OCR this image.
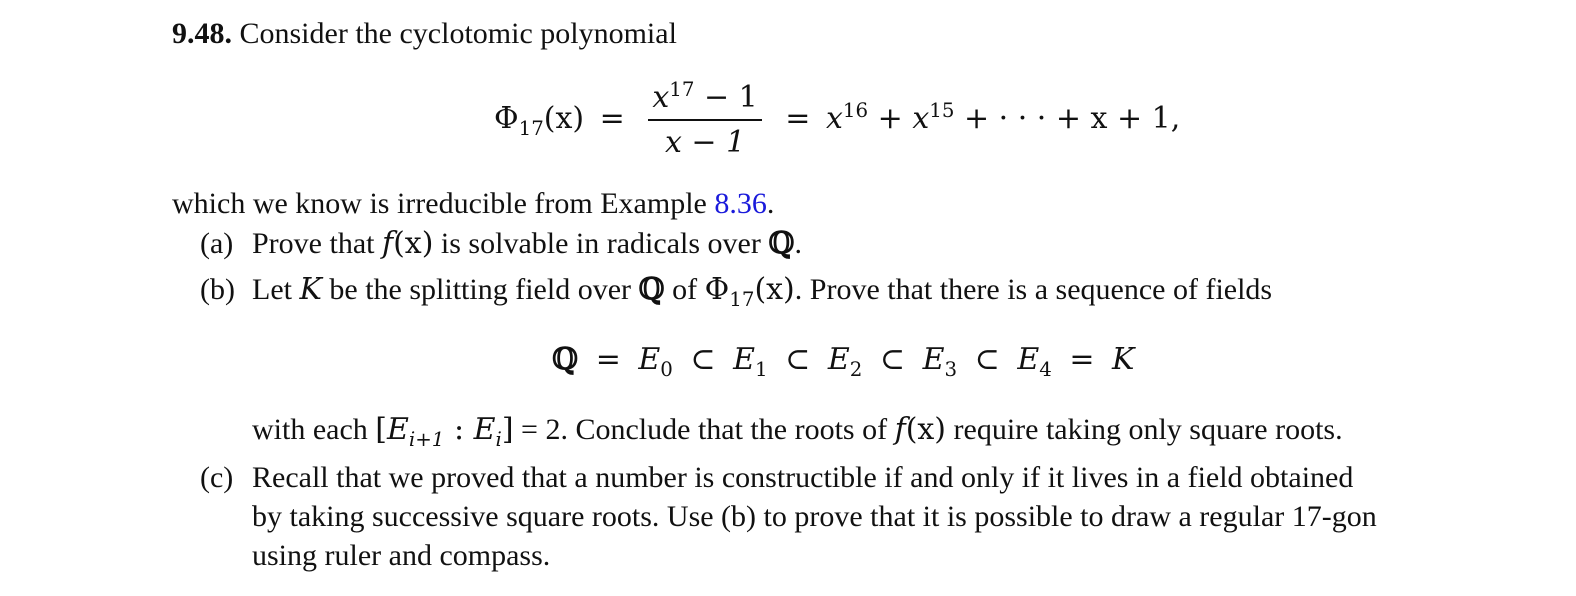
9.48. Consider the cyclotomic polynomial
$\Phi_{17}(x) = \frac{x^{17} - 1}{x - 1} = x^{16} + x^{15}$ + · · · + x + 1,
which we know is irreducible from Example 8.36.
(a) Prove that f(x) is solvable in radicals over ℚ.
(b) Let K be the splitting field over ℚ of $\Phi_{17}(x)$. Prove that there is a sequence of fields
ℚ = $E_0$ ⊂ $E_1$ ⊂ $E_2$ ⊂ $E_3$ ⊂ $E_4 = K$
with each [$E_{i+1}$ : $E_i] = 2$. Conclude that the roots of f(x) require taking only square roots.
(c) Recall that we proved that a number is constructible if and only if it lives in a field obtained
by taking successive square roots. Use (b) to prove that it is possible to draw a regular 17-gon
using ruler and compass.
